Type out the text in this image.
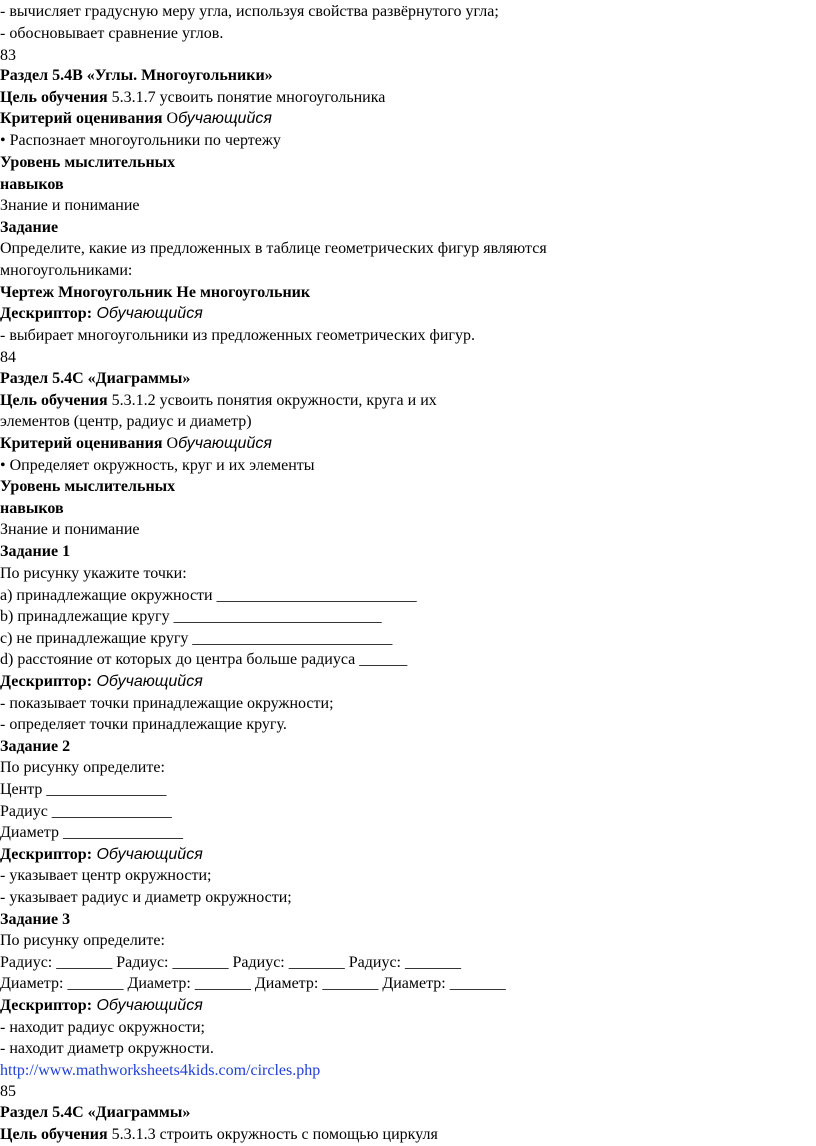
- вычисляет градусную меру угла, используя свойства развёрнутого угла;

- обосновывает сравнение углов.

83

Раздел 5.4B «Углы. Многоугольники»

Цель обучения 5.3.1.7 усвоить понятие многоугольника

Критерий оценивания Обучающийся

• Распознает многоугольники по чертежу

Уровень мыслительных

навыков

Знание и понимание

Задание

Определите, какие из предложенных в таблице геометрических фигур являются

многоугольниками:

Чертеж Многоугольник Не многоугольник

Дескриптор: Обучающийся

- выбирает многоугольники из предложенных геометрических фигур.

84

Раздел 5.4С «Диаграммы»

Цель обучения 5.3.1.2 усвоить понятия окружности, круга и их

элементов (центр, радиус и диаметр)

Критерий оценивания Обучающийся

• Определяет окружность, круг и их элементы

Уровень мыслительных

навыков

Знание и понимание

Задание 1

По рисунку укажите точки:

a) принадлежащие окружности _________________________

b) принадлежащие кругу __________________________

c) не принадлежащие кругу _________________________

d) расстояние от которых до центра больше радиуса ______

Дескриптор: Обучающийся

- показывает точки принадлежащие окружности;

- определяет точки принадлежащие кругу.

Задание 2

По рисунку определите:

Центр _______________

Радиус _______________

Диаметр _______________

Дескриптор: Обучающийся

- указывает центр окружности;

- указывает радиус и диаметр окружности;

Задание 3

По рисунку определите:

Радиус: _______ Радиус: _______ Радиус: _______ Радиус: _______

Диаметр: _______ Диаметр: _______ Диаметр: _______ Диаметр: _______

Дескриптор: Обучающийся

- находит радиус окружности;

- находит диаметр окружности.

http://www.mathworksheets4kids.com/circles.php

85

Раздел 5.4С «Диаграммы»

Цель обучения 5.3.1.3 строить окружность с помощью циркуля
